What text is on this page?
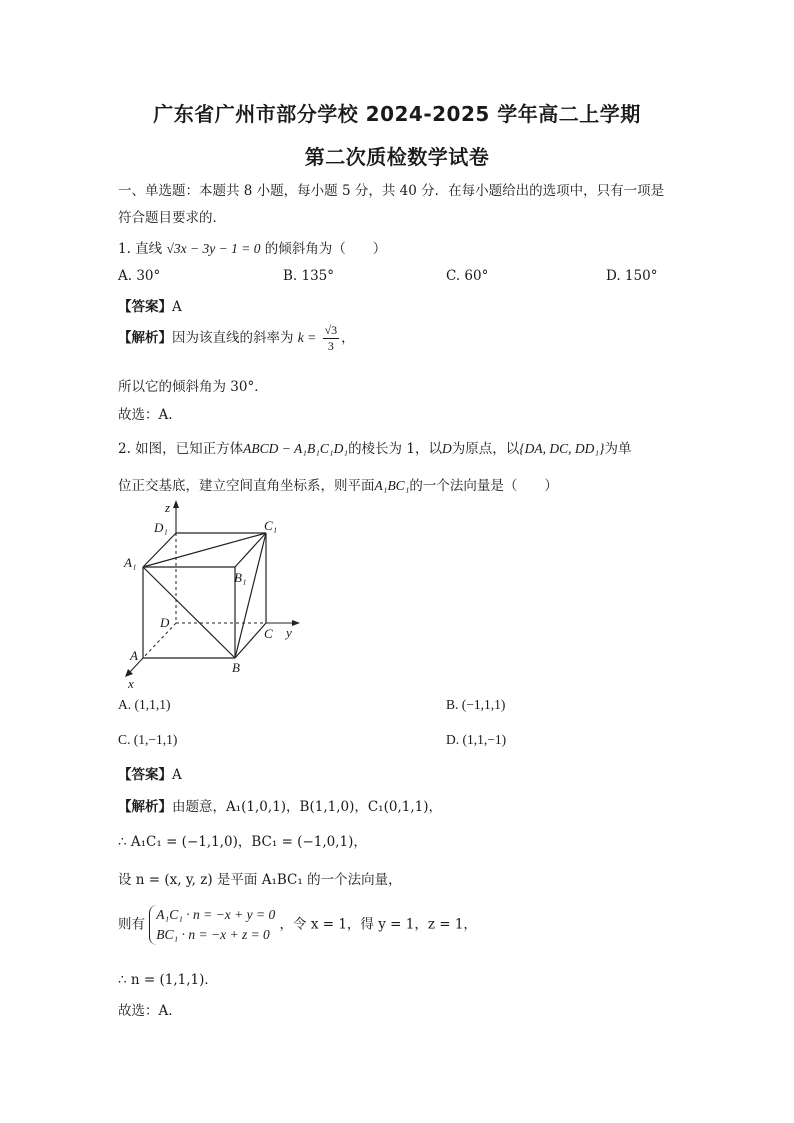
广东省广州市部分学校 2024-2025 学年高二上学期
第二次质检数学试卷
一、单选题：本题共 8 小题，每小题 5 分，共 40 分．在每小题给出的选项中，只有一项是
符合题目要求的．
1. 直线 √3x − 3y − 1 = 0 的倾斜角为（　　）
A. 30°	B. 135°	C. 60°	D. 150°
【答案】A
【解析】因为该直线的斜率为 $k = \frac{√3}{3}$ ，
所以它的倾斜角为 30°．
故选：A.
2. 如图，已知正方体ABCD − A₁B₁C₁D₁的棱长为 1，以D为原点，以{DA, DC, DD₁}为单
位正交基底，建立空间直角坐标系，则平面A₁BC₁的一个法向量是（　　）
z
y
x
D₁	C₁
A₁
B₁
D
C
A
B
A. (1,1,1)	B. (−1,1,1)
C. (1,−1,1)	D. (1,1,−1)
【答案】A
【解析】由题意，A₁(1,0,1)，B(1,1,0)，C₁(0,1,1)，
∴ A₁C₁ = (−1,1,0)，BC₁ = (−1,0,1)，
设 n = (x, y, z) 是平面 A₁BC₁ 的一个法向量，
则有
A₁C₁ · n = −x + y = 0
BC₁ · n = −x + z = 0
，令 x = 1，得 y = 1，z = 1，
∴ n = (1,1,1)．
故选：A.
